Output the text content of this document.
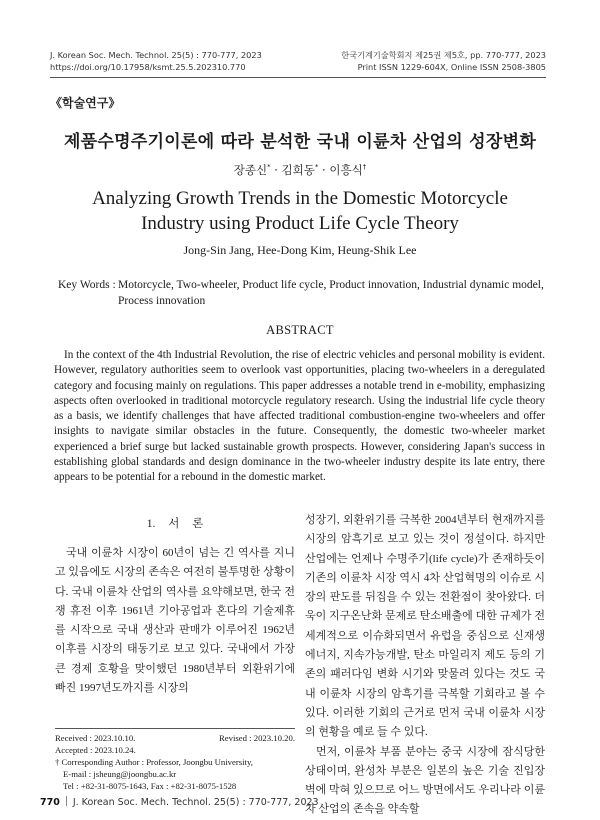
J. Korean Soc. Mech. Technol. 25(5) : 770-777, 2023
https://doi.org/10.17958/ksmt.25.5.202310.770
한국기계기술학회지 제25권 제5호, pp. 770-777, 2023
Print ISSN 1229-604X, Online ISSN 2508-3805
《학술연구》
제품수명주기이론에 따라 분석한 국내 이륜차 산업의 성장변화
장종신* · 김희동* · 이흥식†
Analyzing Growth Trends in the Domestic Motorcycle
Industry using Product Life Cycle Theory
Jong-Sin Jang, Hee-Dong Kim, Heung-Shik Lee
Key Words : Motorcycle, Two-wheeler, Product life cycle, Product innovation, Industrial dynamic model, Process innovation
ABSTRACT

In the context of the 4th Industrial Revolution, the rise of electric vehicles and personal mobility is evident. However, regulatory authorities seem to overlook vast opportunities, placing two-wheelers in a deregulated category and focusing mainly on regulations. This paper addresses a notable trend in e-mobility, emphasizing aspects often overlooked in traditional motorcycle regulatory research. Using the industrial life cycle theory as a basis, we identify challenges that have affected traditional combustion-engine two-wheelers and offer insights to navigate similar obstacles in the future. Consequently, the domestic two-wheeler market experienced a brief surge but lacked sustainable growth prospects. However, considering Japan's success in establishing global standards and design dominance in the two-wheeler industry despite its late entry, there appears to be potential for a rebound in the domestic market.

1. 서 론

국내 이륜차 시장이 60년이 넘는 긴 역사를 지니고 있음에도 시장의 존속은 여전히 불투명한 상황이다. 국내 이륜차 산업의 역사를 요약해보면, 한국 전쟁 휴전 이후 1961년 기아공업과 혼다의 기술제휴를 시작으로 국내 생산과 판매가 이루어진 1962년 이후를 시장의 태동기로 보고 있다. 국내에서 가장 큰 경제 호황을 맞이했던 1980년부터 외환위기에 빠진 1997년도까지를 시장의

성장기, 외환위기를 극복한 2004년부터 현재까지를 시장의 암흑기로 보고 있는 것이 정설이다. 하지만 산업에는 언제나 수명주기(life cycle)가 존재하듯이 기존의 이륜차 시장 역시 4차 산업혁명의 이슈로 시장의 판도를 뒤집을 수 있는 전환점이 찾아왔다. 더욱이 지구온난화 문제로 탄소배출에 대한 규제가 전 세계적으로 이슈화되면서 유럽을 중심으로 신재생에너지, 지속가능개발, 탄소 마일리지 제도 등의 기존의 패러다임 변화 시기와 맞물려 있다는 것도 국내 이륜차 시장의 암흑기를 극복할 기회라고 볼 수 있다. 이러한 기회의 근거로 먼저 국내 이륜차 시장의 현황을 예로 들 수 있다.

먼저, 이륜차 부품 분야는 중국 시장에 잠식당한 상태이며, 완성차 부분은 일본의 높은 기술 진입장벽에 막혀 있으므로 어느 방면에서도 우리나라 이륜차 산업의 존속을 약속할

Received : 2023.10.10.	Revised : 2023.10.20.
Accepted : 2023.10.24.
† Corresponding Author : Professor, Joongbu University,
E-mail : jsheung@joongbu.ac.kr
Tel : +82-31-8075-1643, Fax : +82-31-8075-1528
770 J. Korean Soc. Mech. Technol. 25(5) : 770-777, 2023
